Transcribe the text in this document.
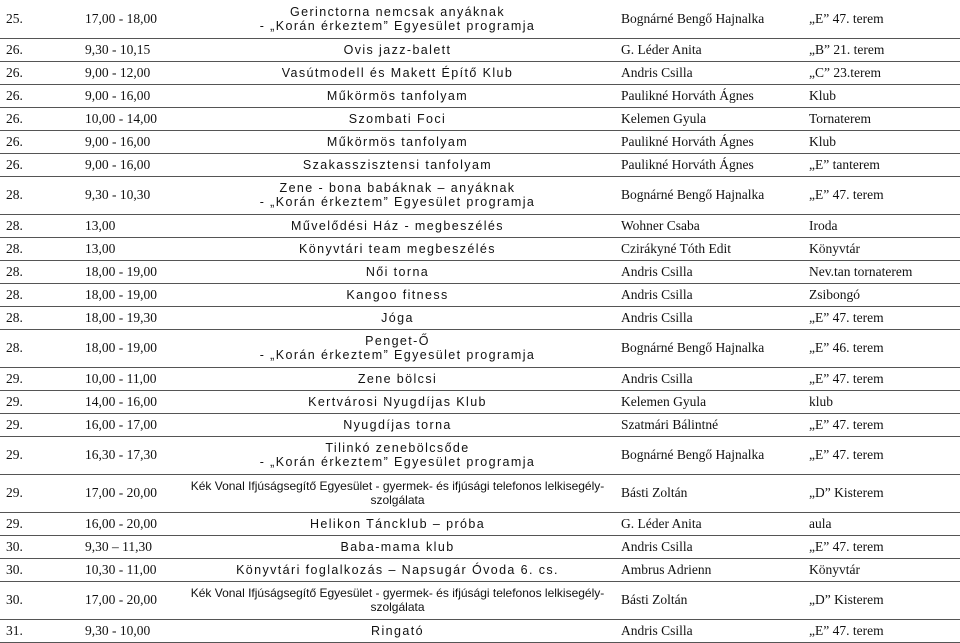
25.	17,00 - 18,00	Gerinctorna nemcsak anyáknak
- „Korán érkeztem” Egyesület programja	Bognárné Bengő Hajnalka	„E” 47. terem
26.	9,30 - 10,15	Ovis jazz-balett	G. Léder Anita	„B” 21. terem
26.	9,00 - 12,00	Vasútmodell és Makett Építő Klub	Andris Csilla	„C” 23.terem
26.	9,00 - 16,00	Műkörmös tanfolyam	Paulikné Horváth Ágnes	Klub
26.	10,00 - 14,00	Szombati Foci	Kelemen Gyula	Tornaterem
26.	9,00 - 16,00	Műkörmös tanfolyam	Paulikné Horváth Ágnes	Klub
26.	9,00 - 16,00	Szakasszisztensi tanfolyam	Paulikné Horváth Ágnes	„E” tanterem
28.	9,30 - 10,30	Zene - bona babáknak – anyáknak
- „Korán érkeztem” Egyesület programja	Bognárné Bengő Hajnalka	„E” 47. terem
28.	13,00	Művelődési Ház - megbeszélés	Wohner Csaba	Iroda
28.	13,00	Könyvtári team megbeszélés	Czirákyné Tóth Edit	Könyvtár
28.	18,00 - 19,00	Női torna	Andris Csilla	Nev.tan tornaterem
28.	18,00 - 19,00	Kangoo fitness	Andris Csilla	Zsibongó
28.	18,00 - 19,30	Jóga	Andris Csilla	„E” 47. terem
28.	18,00 - 19,00	Penget-Ő
- „Korán érkeztem” Egyesület programja	Bognárné Bengő Hajnalka	„E” 46. terem
29.	10,00 - 11,00	Zene bölcsi	Andris Csilla	„E” 47. terem
29.	14,00 - 16,00	Kertvárosi Nyugdíjas Klub	Kelemen Gyula	klub
29.	16,00 - 17,00	Nyugdíjas torna	Szatmári Bálintné	„E” 47. terem
29.	16,30 - 17,30	Tilinkó zenebölcsőde
- „Korán érkeztem” Egyesület programja	Bognárné Bengő Hajnalka	„E” 47. terem
29.	17,00 - 20,00	Kék Vonal Ifjúságsegítő Egyesület - gyermek- és ifjúsági telefonos lelkisegély-szolgálata	Básti Zoltán	„D” Kisterem
29.	16,00 - 20,00	Helikon Táncklub – próba	G. Léder Anita	aula
30.	9,30 – 11,30	Baba-mama klub	Andris Csilla	„E” 47. terem
30.	10,30 - 11,00	Könyvtári foglalkozás – Napsugár Óvoda 6. cs.	Ambrus Adrienn	Könyvtár
30.	17,00 - 20,00	Kék Vonal Ifjúságsegítő Egyesület - gyermek- és ifjúsági telefonos lelkisegély-szolgálata	Básti Zoltán	„D” Kisterem
31.	9,30 - 10,00	Ringató	Andris Csilla	„E” 47. terem
